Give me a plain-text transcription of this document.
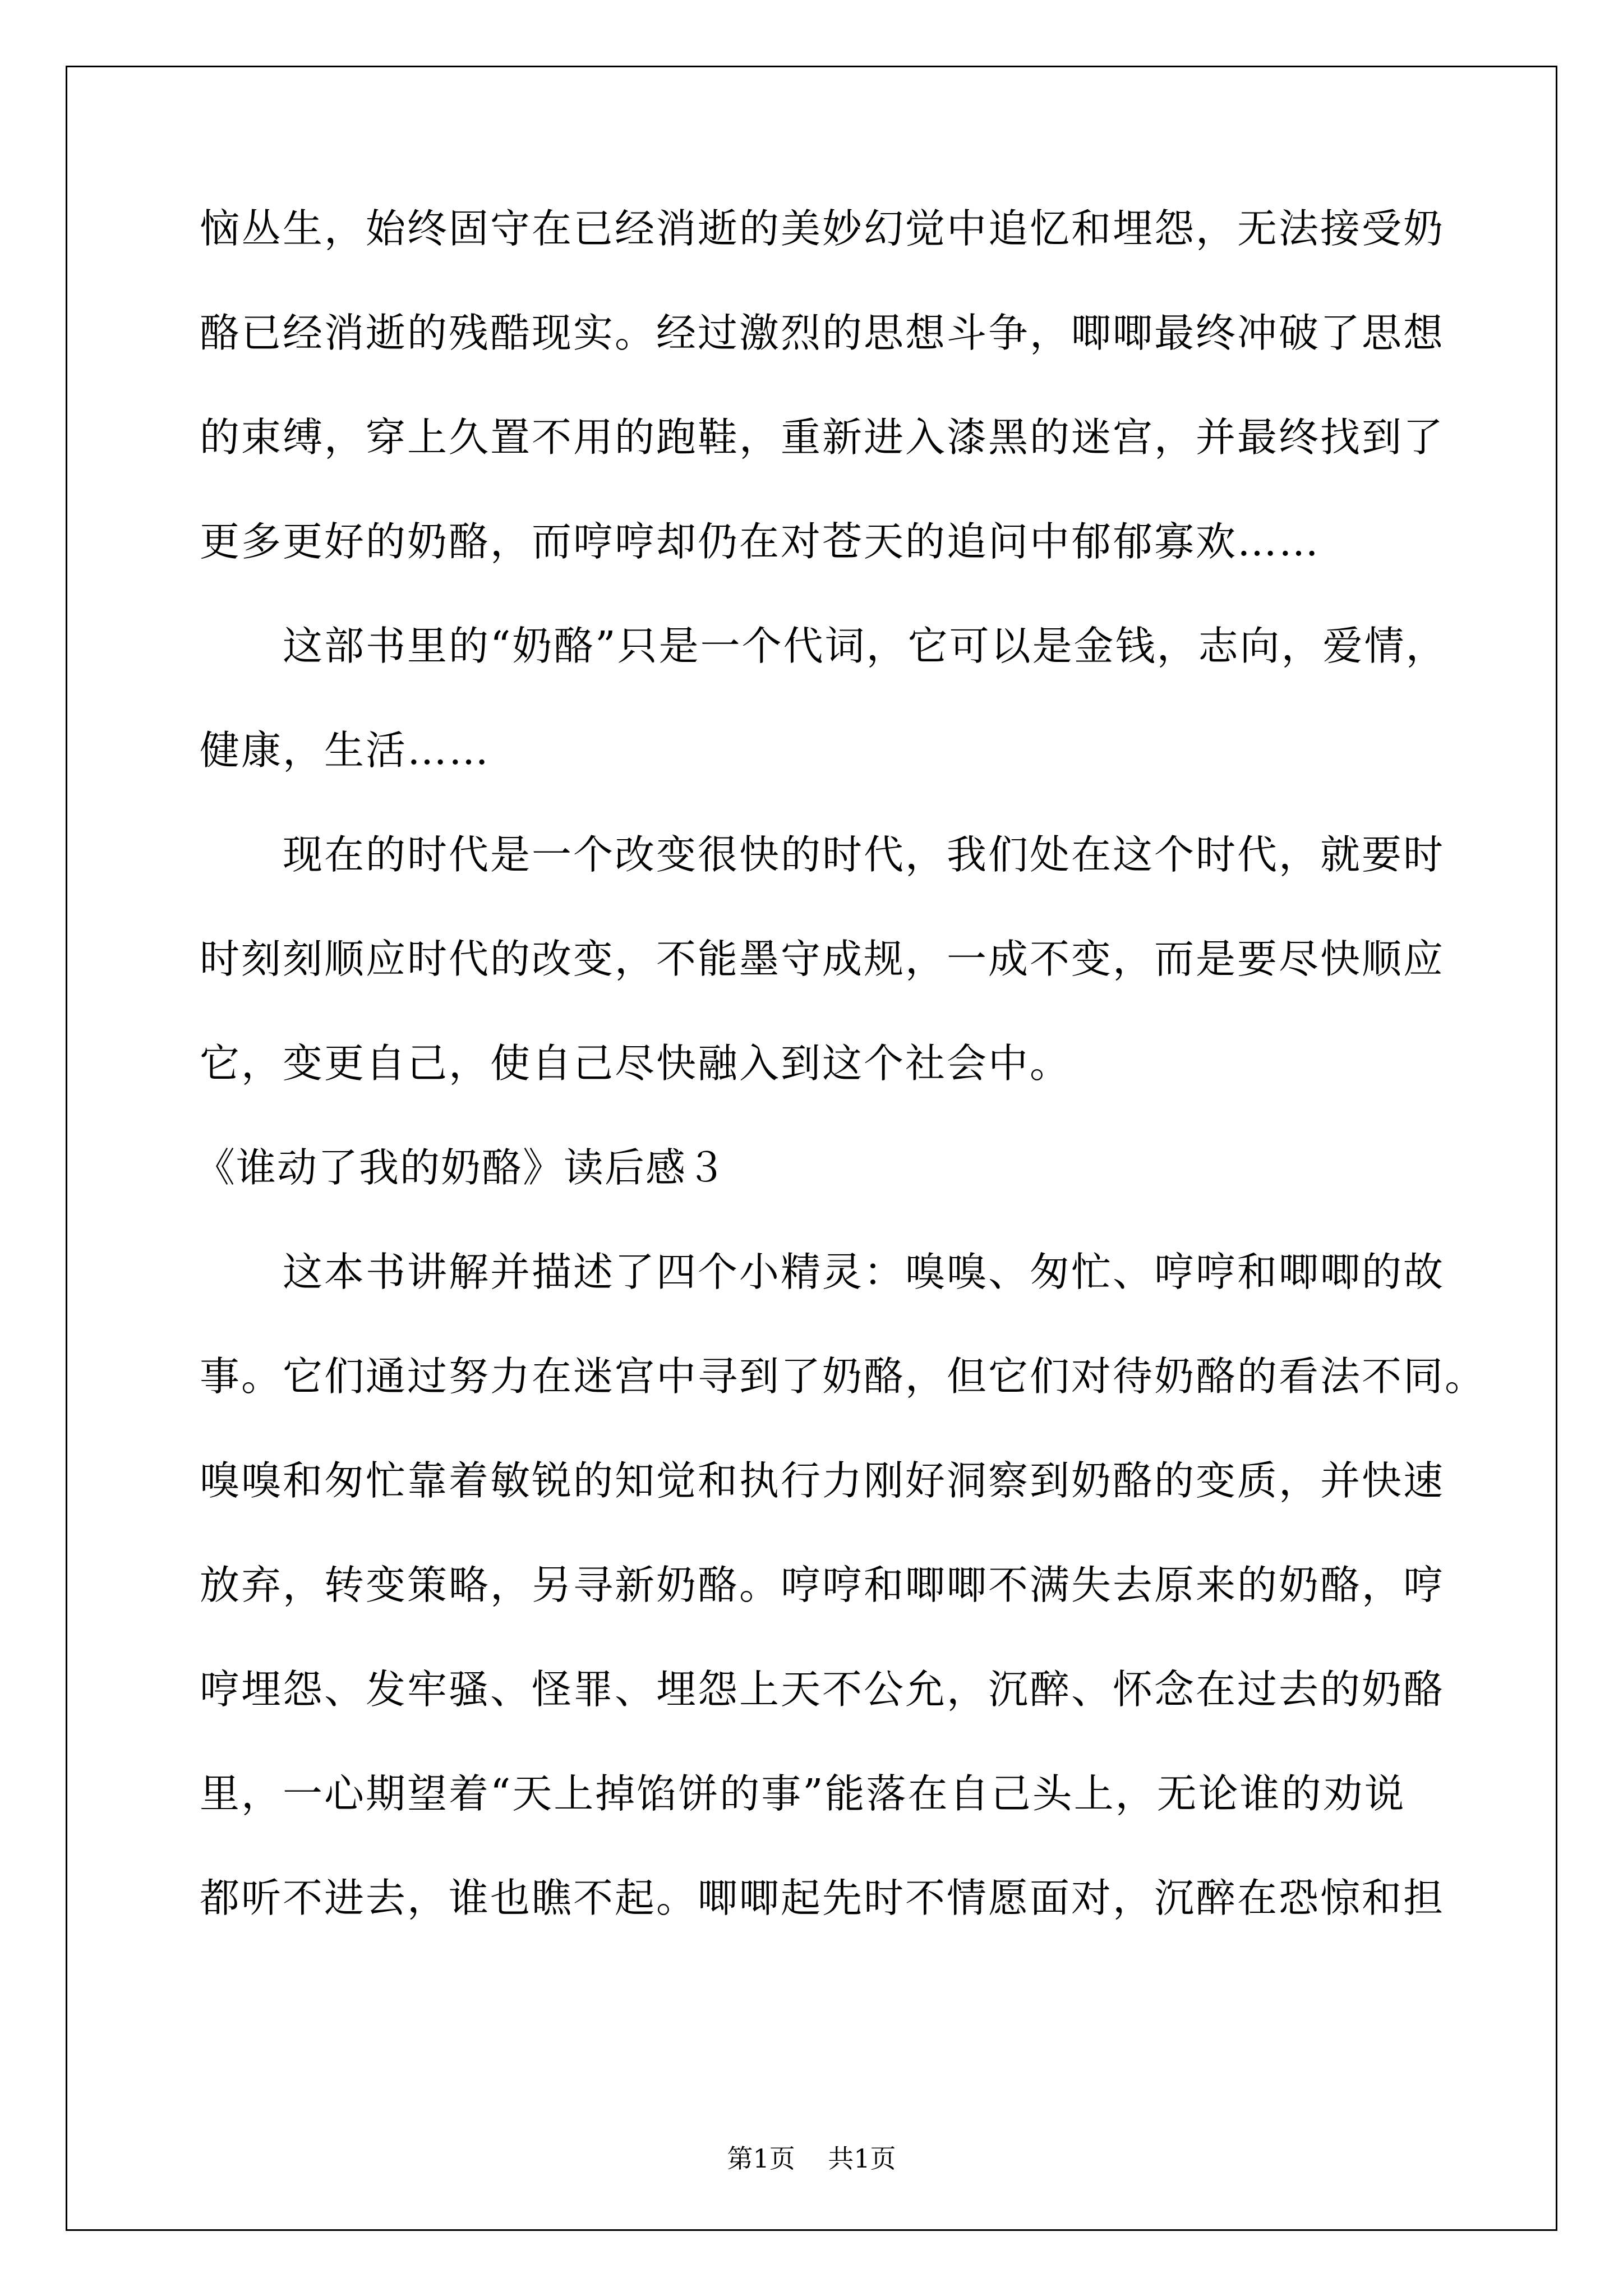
恼丛生，始终固守在已经消逝的美妙幻觉中追忆和埋怨，无法接受奶
酪已经消逝的残酷现实。经过激烈的思想斗争，唧唧最终冲破了思想
的束缚，穿上久置不用的跑鞋，重新进入漆黑的迷宫，并最终找到了
更多更好的奶酪，而哼哼却仍在对苍天的追问中郁郁寡欢……
这部书里的“奶酪”只是一个代词，它可以是金钱，志向，爱情，
健康，生活……
现在的时代是一个改变很快的时代，我们处在这个时代，就要时
时刻刻顺应时代的改变，不能墨守成规，一成不变，而是要尽快顺应
它，变更自己，使自己尽快融入到这个社会中。
《谁动了我的奶酪》读后感３
这本书讲解并描述了四个小精灵：嗅嗅、匆忙、哼哼和唧唧的故
事。它们通过努力在迷宫中寻到了奶酪，但它们对待奶酪的看法不同。
嗅嗅和匆忙靠着敏锐的知觉和执行力刚好洞察到奶酪的变质，并快速
放弃，转变策略，另寻新奶酪。哼哼和唧唧不满失去原来的奶酪，哼
哼埋怨、发牢骚、怪罪、埋怨上天不公允，沉醉、怀念在过去的奶酪
里，一心期望着“天上掉馅饼的事”能落在自己头上，无论谁的劝说
都听不进去，谁也瞧不起。唧唧起先时不情愿面对，沉醉在恐惊和担
第1页 共1页
